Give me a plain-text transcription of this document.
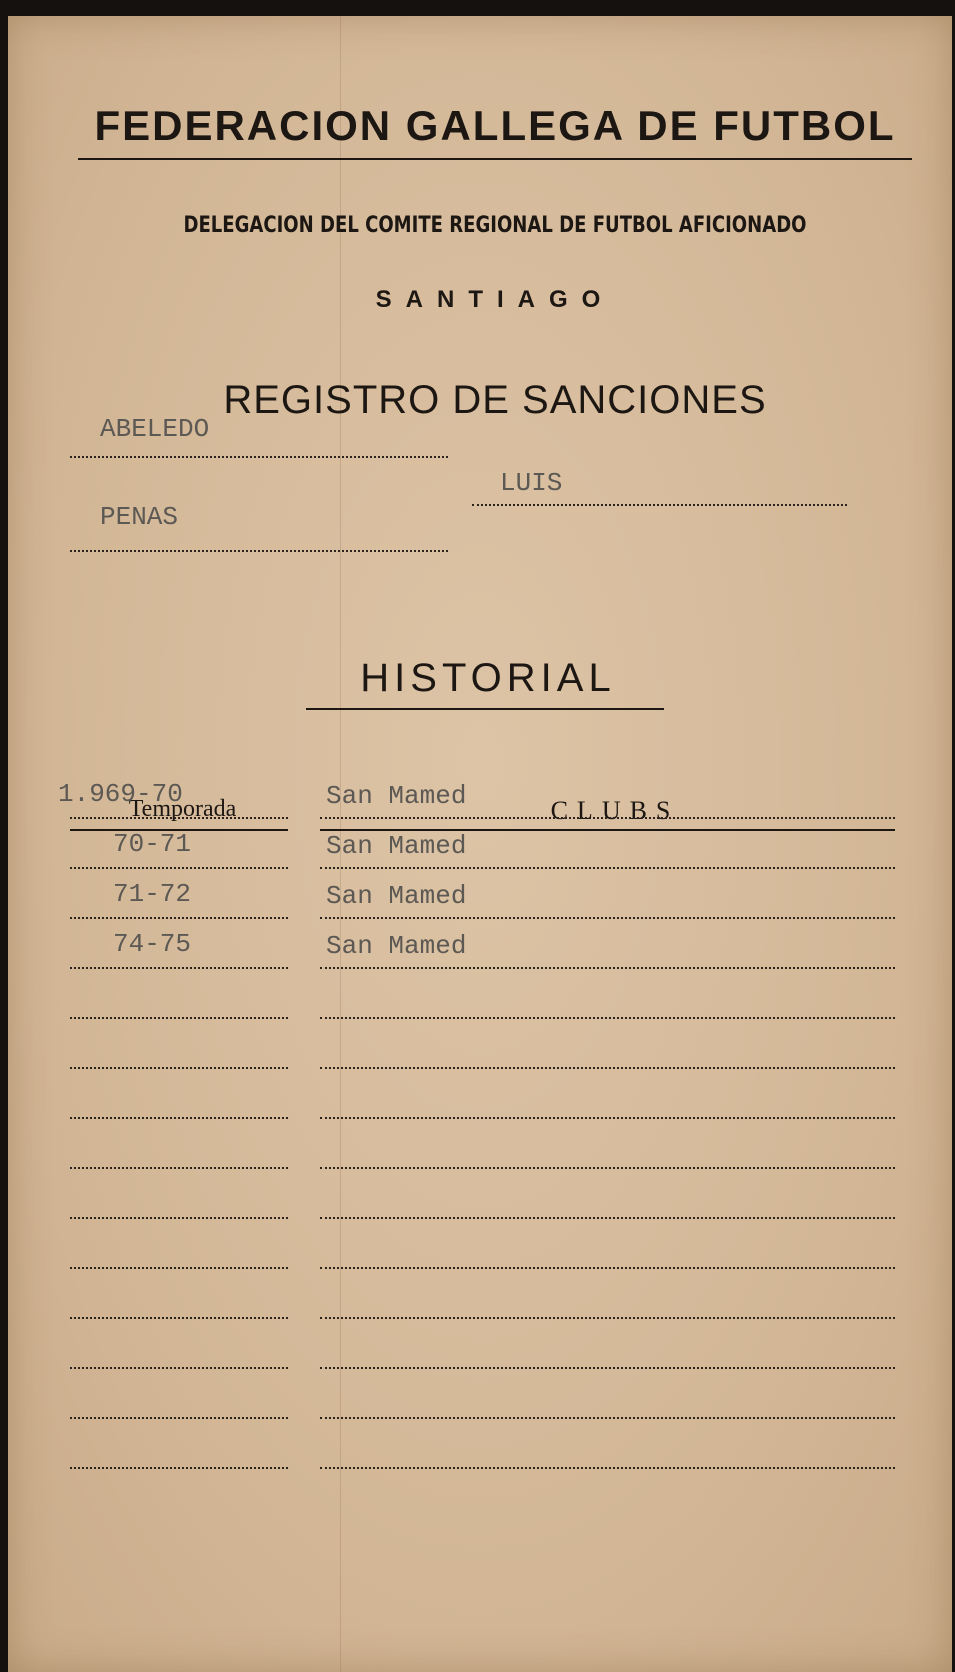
FEDERACION GALLEGA DE FUTBOL
DELEGACION DEL COMITE REGIONAL DE FUTBOL AFICIONADO
SANTIAGO
REGISTRO DE SANCIONES
ABELEDO
LUIS
PENAS
HISTORIAL
Temporada	CLUBS
1.969-70	San Mamed
70-71	San Mamed
71-72	San Mamed
74-75	San Mamed
